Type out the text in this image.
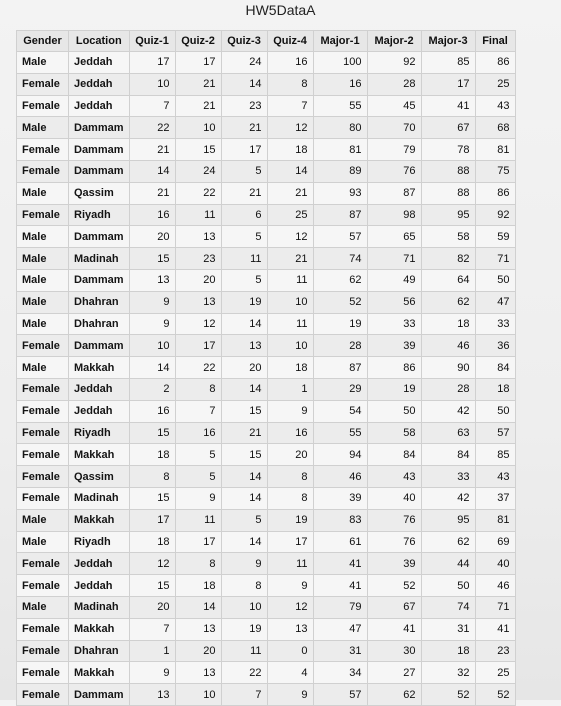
HW5DataA
Gender	Location	Quiz-1	Quiz-2	Quiz-3	Quiz-4	Major-1	Major-2	Major-3	Final
Male	Jeddah	17	17	24	16	100	92	85	86
Female	Jeddah	10	21	14	8	16	28	17	25
Female	Jeddah	7	21	23	7	55	45	41	43
Male	Dammam	22	10	21	12	80	70	67	68
Female	Dammam	21	15	17	18	81	79	78	81
Female	Dammam	14	24	5	14	89	76	88	75
Male	Qassim	21	22	21	21	93	87	88	86
Female	Riyadh	16	11	6	25	87	98	95	92
Male	Dammam	20	13	5	12	57	65	58	59
Male	Madinah	15	23	11	21	74	71	82	71
Male	Dammam	13	20	5	11	62	49	64	50
Male	Dhahran	9	13	19	10	52	56	62	47
Male	Dhahran	9	12	14	11	19	33	18	33
Female	Dammam	10	17	13	10	28	39	46	36
Male	Makkah	14	22	20	18	87	86	90	84
Female	Jeddah	2	8	14	1	29	19	28	18
Female	Jeddah	16	7	15	9	54	50	42	50
Female	Riyadh	15	16	21	16	55	58	63	57
Female	Makkah	18	5	15	20	94	84	84	85
Female	Qassim	8	5	14	8	46	43	33	43
Female	Madinah	15	9	14	8	39	40	42	37
Male	Makkah	17	11	5	19	83	76	95	81
Male	Riyadh	18	17	14	17	61	76	62	69
Female	Jeddah	12	8	9	11	41	39	44	40
Female	Jeddah	15	18	8	9	41	52	50	46
Male	Madinah	20	14	10	12	79	67	74	71
Female	Makkah	7	13	19	13	47	41	31	41
Female	Dhahran	1	20	11	0	31	30	18	23
Female	Makkah	9	13	22	4	34	27	32	25
Female	Dammam	13	10	7	9	57	62	52	52
